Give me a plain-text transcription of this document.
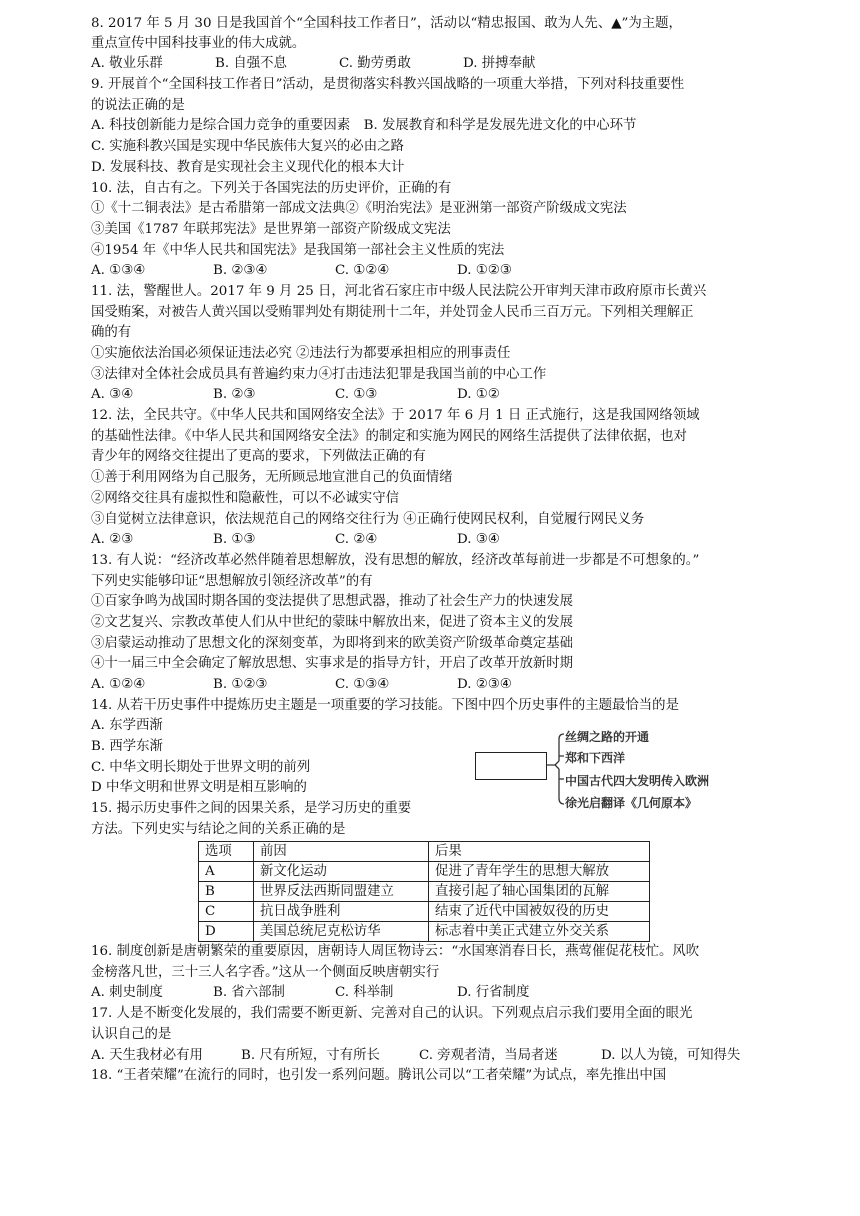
8. 2017 年 5 月 30 日是我国首个“全国科技工作者日”，活动以“精忠报国、敢为人先、▲”为主题，
重点宣传中国科技事业的伟大成就。
A. 敬业乐群	B. 自强不息	C. 勤劳勇敢	D. 拼搏奉献
9. 开展首个“全国科技工作者日”活动，是贯彻落实科教兴国战略的一项重大举措，下列对科技重要性
的说法正确的是
A. 科技创新能力是综合国力竞争的重要因素　B. 发展教育和科学是发展先进文化的中心环节
C. 实施科教兴国是实现中华民族伟大复兴的必由之路
D. 发展科技、教育是实现社会主义现代化的根本大计
10. 法，自古有之。下列关于各国宪法的历史评价，正确的有
①《十二铜表法》是古希腊第一部成文法典②《明治宪法》是亚洲第一部资产阶级成文宪法
③美国《1787 年联邦宪法》是世界第一部资产阶级成文宪法
④1954 年《中华人民共和国宪法》是我国第一部社会主义性质的宪法
A. ①③④	B. ②③④	C. ①②④	D. ①②③
11. 法，警醒世人。2017 年 9 月 25 日，河北省石家庄市中级人民法院公开审判天津市政府原市长黄兴
国受贿案，对被告人黄兴国以受贿罪判处有期徒刑十二年，并处罚金人民币三百万元。下列相关理解正
确的有
①实施依法治国必须保证违法必究 ②违法行为都要承担相应的刑事责任
③法律对全体社会成员具有普遍约束力④打击违法犯罪是我国当前的中心工作
A. ③④	B. ②③	C. ①③	D. ①②
12. 法，全民共守。《中华人民共和国网络安全法》于 2017 年 6 月 1 日 正式施行，这是我国网络领域
的基础性法律。《中华人民共和国网络安全法》的制定和实施为网民的网络生活提供了法律依据，也对
青少年的网络交往提出了更高的要求，下列做法正确的有
①善于利用网络为自己服务，无所顾忌地宣泄自己的负面情绪
②网络交往具有虚拟性和隐蔽性，可以不必诚实守信
③自觉树立法律意识，依法规范自己的网络交往行为 ④正确行使网民权利，自觉履行网民义务
A. ②③	B. ①③	C. ②④	D. ③④
13. 有人说：“经济改革必然伴随着思想解放，没有思想的解放，经济改革每前进一步都是不可想象的。”
下列史实能够印证“思想解放引领经济改革”的有
①百家争鸣为战国时期各国的变法提供了思想武器，推动了社会生产力的快速发展
②文艺复兴、宗教改革使人们从中世纪的蒙昧中解放出来，促进了资本主义的发展
③启蒙运动推动了思想文化的深刻变革，为即将到来的欧美资产阶级革命奠定基础
④十一届三中全会确定了解放思想、实事求是的指导方针，开启了改革开放新时期
A. ①②④	B. ①②③	C. ①③④	D. ②③④
14. 从若干历史事件中提炼历史主题是一项重要的学习技能。下图中四个历史事件的主题最恰当的是
A. 东学西渐
B. 西学东渐
C. 中华文明长期处于世界文明的前列
D 中华文明和世界文明是相互影响的
15. 揭示历史事件之间的因果关系，是学习历史的重要
丝绸之路的开通
郑和下西洋
中国古代四大发明传入欧洲
徐光启翻译《几何原本》
方法。下列史实与结论之间的关系正确的是
选项	前因	后果
A	新文化运动	促进了青年学生的思想大解放
B	世界反法西斯同盟建立	直接引起了轴心国集团的瓦解
C	抗日战争胜利	结束了近代中国被奴役的历史
D	美国总统尼克松访华	标志着中美正式建立外交关系
16. 制度创新是唐朝繁荣的重要原因，唐朝诗人周匡物诗云：“水国寒消春日长，燕莺催促花枝忙。风吹
金榜落凡世，三十三人名字香。”这从一个侧面反映唐朝实行
A. 刺史制度	B. 省六部制	C. 科举制	D. 行省制度
17. 人是不断变化发展的，我们需要不断更新、完善对自己的认识。下列观点启示我们要用全面的眼光
认识自己的是
A. 天生我材必有用	B. 尺有所短，寸有所长	C. 旁观者清，当局者迷	D. 以人为镜，可知得失
18. “王者荣耀”在流行的同时，也引发一系列问题。腾讯公司以“工者荣耀”为试点，率先推出中国
